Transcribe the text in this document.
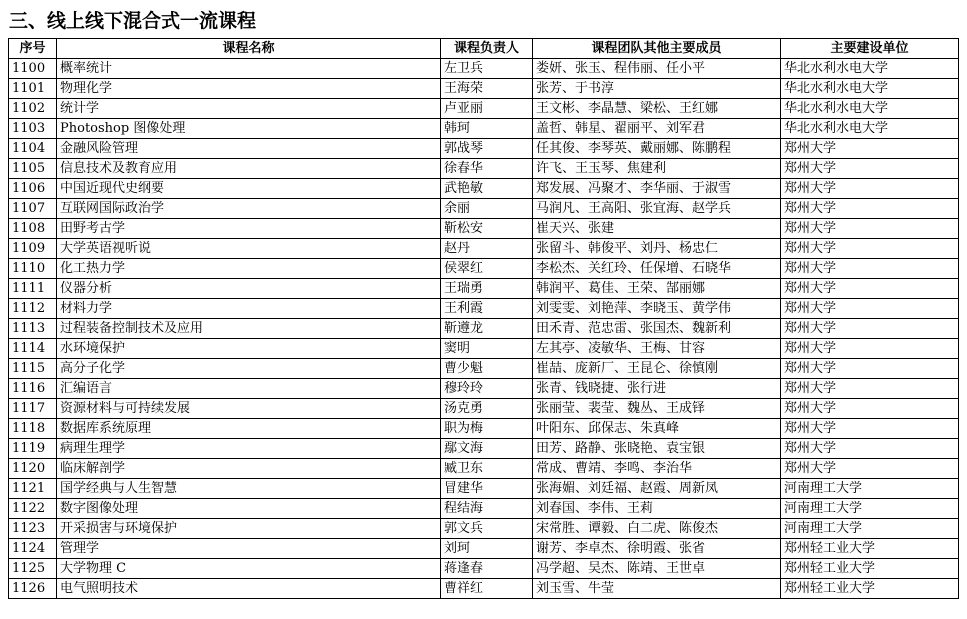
三、线上线下混合式一流课程
序号	课程名称	课程负责人	课程团队其他主要成员	主要建设单位
1100	概率统计	左卫兵	娄妍、张玉、程伟丽、任小平	华北水利水电大学
1101	物理化学	王海荣	张芳、于书淳	华北水利水电大学
1102	统计学	卢亚丽	王文彬、李晶慧、梁松、王红娜	华北水利水电大学
1103	Photoshop 图像处理	韩珂	盖哲、韩星、翟丽平、刘军君	华北水利水电大学
1104	金融风险管理	郭战琴	任其俊、李琴英、戴丽娜、陈鹏程	郑州大学
1105	信息技术及教育应用	徐春华	许飞、王玉琴、焦建利	郑州大学
1106	中国近现代史纲要	武艳敏	郑发展、冯聚才、李华丽、于淑雪	郑州大学
1107	互联网国际政治学	余丽	马润凡、王高阳、张宜海、赵学兵	郑州大学
1108	田野考古学	靳松安	崔天兴、张建	郑州大学
1109	大学英语视听说	赵丹	张留斗、韩俊平、刘丹、杨忠仁	郑州大学
1110	化工热力学	侯翠红	李松杰、关红玲、任保增、石晓华	郑州大学
1111	仪器分析	王瑞勇	韩润平、葛佳、王荣、郜丽娜	郑州大学
1112	材料力学	王利霞	刘雯雯、刘艳萍、李晓玉、黄学伟	郑州大学
1113	过程装备控制技术及应用	靳遵龙	田禾青、范忠雷、张国杰、魏新利	郑州大学
1114	水环境保护	窦明	左其亭、凌敏华、王梅、甘容	郑州大学
1115	高分子化学	曹少魁	崔喆、庞新厂、王昆仑、徐慎刚	郑州大学
1116	汇编语言	穆玲玲	张青、钱晓捷、张行进	郑州大学
1117	资源材料与可持续发展	汤克勇	张丽莹、裴莹、魏丛、王成铎	郑州大学
1118	数据库系统原理	职为梅	叶阳东、邱保志、朱真峰	郑州大学
1119	病理生理学	鄢文海	田芳、路静、张晓艳、袁宝银	郑州大学
1120	临床解剖学	臧卫东	常成、曹靖、李鸣、李治华	郑州大学
1121	国学经典与人生智慧	冒建华	张海媚、刘廷福、赵霞、周新凤	河南理工大学
1122	数字图像处理	程结海	刘春国、李伟、王莉	河南理工大学
1123	开采损害与环境保护	郭文兵	宋常胜、谭毅、白二虎、陈俊杰	河南理工大学
1124	管理学	刘珂	谢芳、李卓杰、徐明霞、张省	郑州轻工业大学
1125	大学物理 C	蒋逢春	冯学超、吴杰、陈靖、王世卓	郑州轻工业大学
1126	电气照明技术	曹祥红	刘玉雪、牛莹	郑州轻工业大学
